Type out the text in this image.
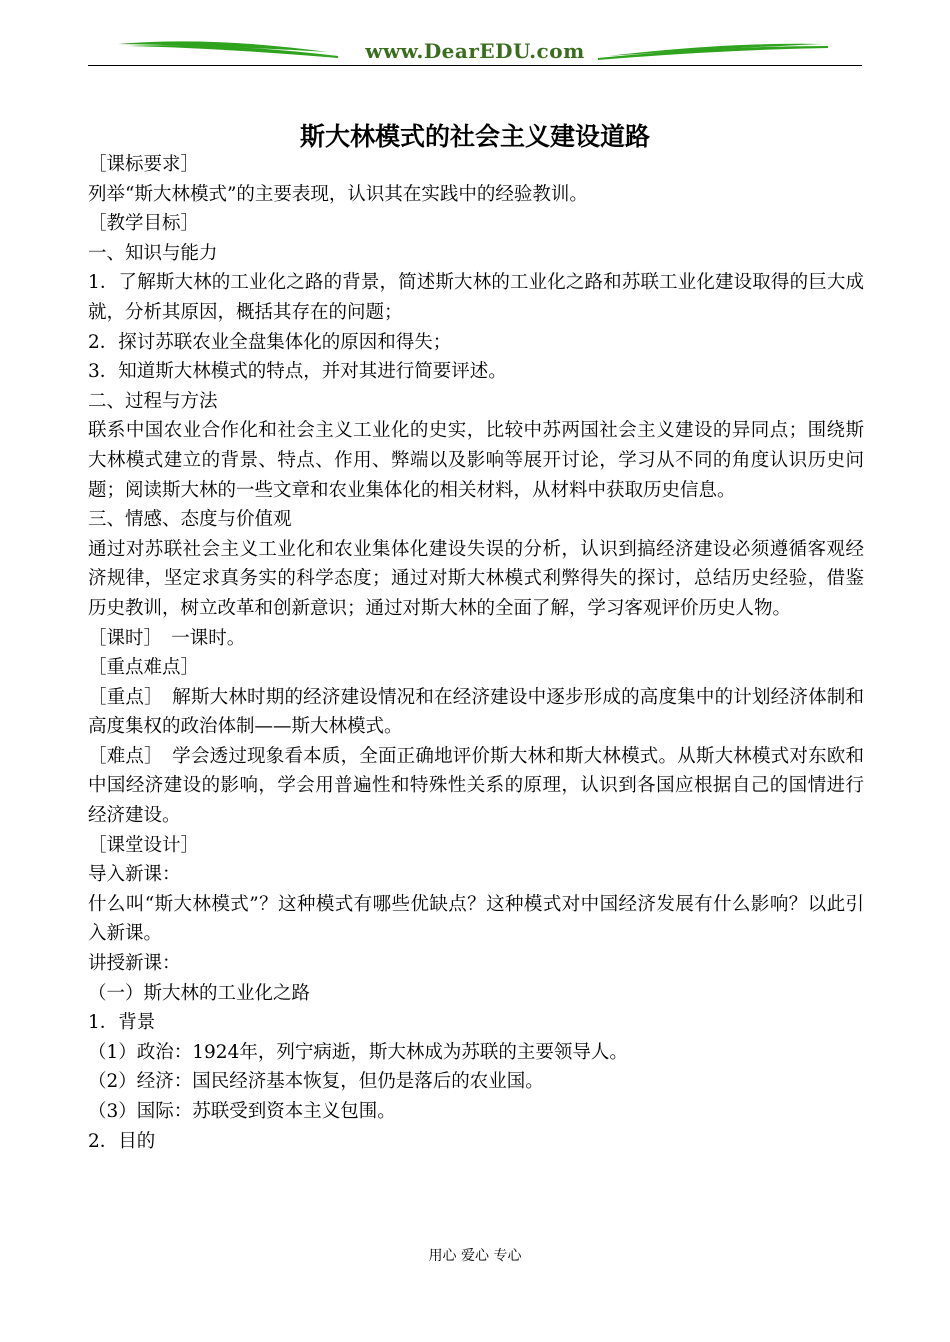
www.DearEDU.com
斯大林模式的社会主义建设道路

［课标要求］

列举“斯大林模式”的主要表现，认识其在实践中的经验教训。

［教学目标］

一、知识与能力

1．了解斯大林的工业化之路的背景，简述斯大林的工业化之路和苏联工业化建设取得的巨大成就，分析其原因，概括其存在的问题；

2．探讨苏联农业全盘集体化的原因和得失；

3．知道斯大林模式的特点，并对其进行简要评述。

二、过程与方法

联系中国农业合作化和社会主义工业化的史实，比较中苏两国社会主义建设的异同点；围绕斯大林模式建立的背景、特点、作用、弊端以及影响等展开讨论，学习从不同的角度认识历史问题；阅读斯大林的一些文章和农业集体化的相关材料，从材料中获取历史信息。

三、情感、态度与价值观

通过对苏联社会主义工业化和农业集体化建设失误的分析，认识到搞经济建设必须遵循客观经济规律，坚定求真务实的科学态度；通过对斯大林模式利弊得失的探讨，总结历史经验，借鉴历史教训，树立改革和创新意识；通过对斯大林的全面了解，学习客观评价历史人物。

［课时］　一课时。

［重点难点］

［重点］　解斯大林时期的经济建设情况和在经济建设中逐步形成的高度集中的计划经济体制和高度集权的政治体制——斯大林模式。

［难点］　学会透过现象看本质，全面正确地评价斯大林和斯大林模式。从斯大林模式对东欧和中国经济建设的影响，学会用普遍性和特殊性关系的原理，认识到各国应根据自己的国情进行经济建设。

［课堂设计］

导入新课：

什么叫“斯大林模式”？这种模式有哪些优缺点？这种模式对中国经济发展有什么影响？以此引入新课。

讲授新课：

（一）斯大林的工业化之路

1．背景

（1）政治：1924年，列宁病逝，斯大林成为苏联的主要领导人。

（2）经济：国民经济基本恢复，但仍是落后的农业国。

（3）国际：苏联受到资本主义包围。

2．目的

用心 爱心 专心
